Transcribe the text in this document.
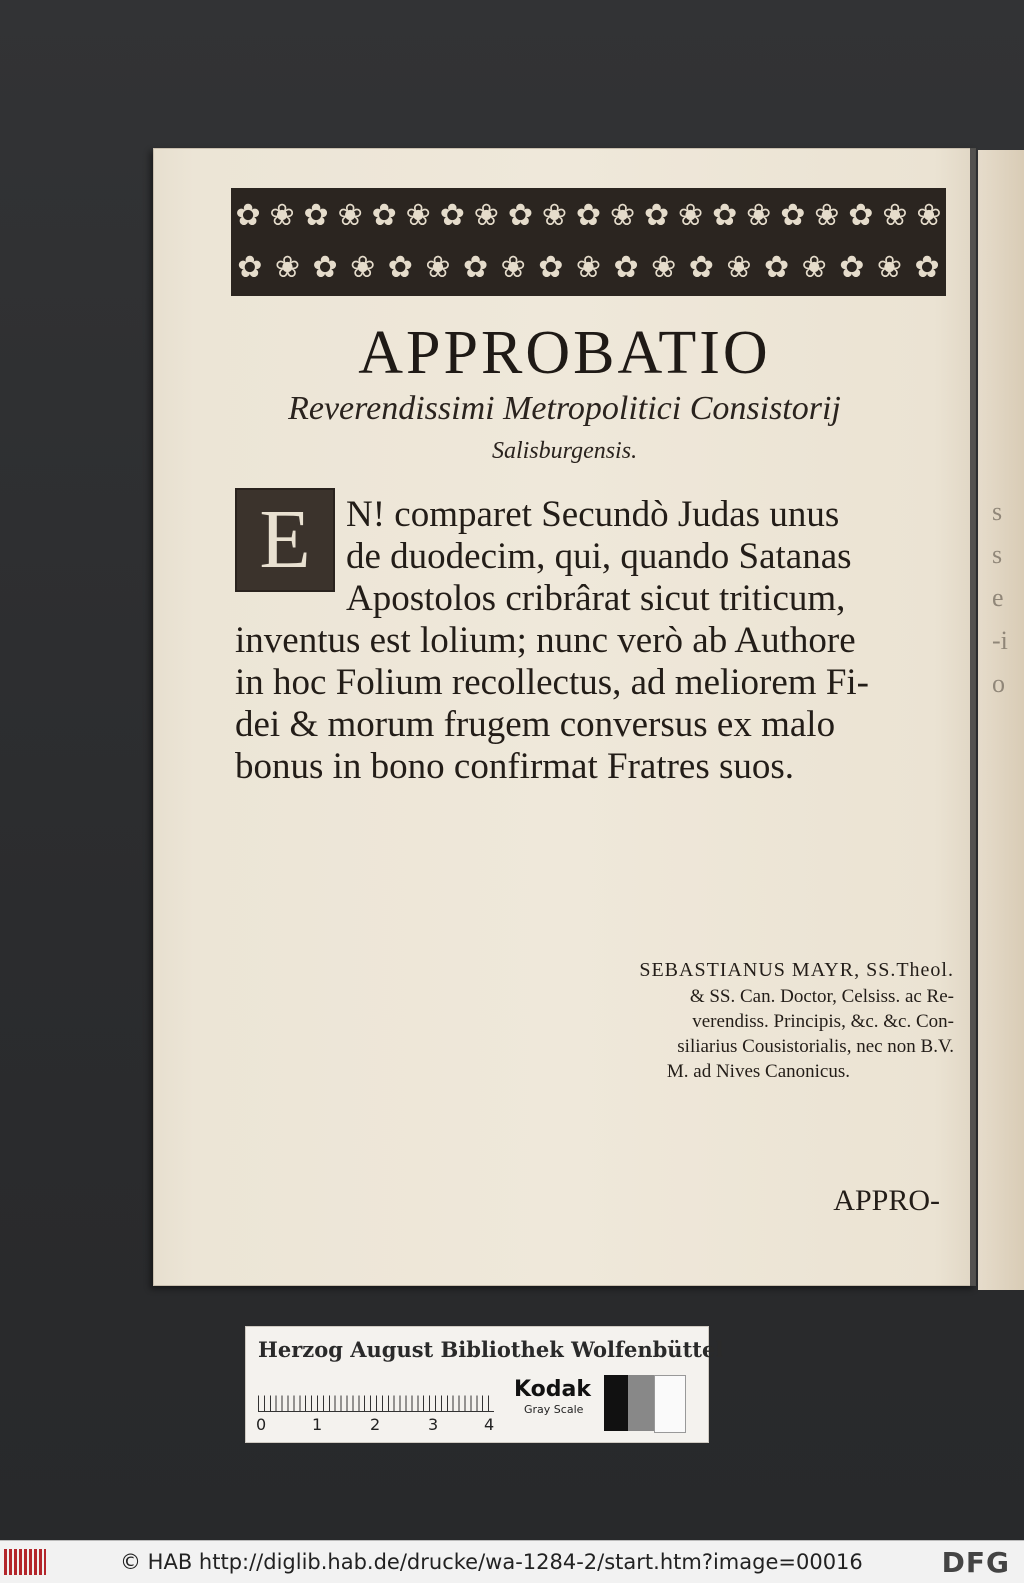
s
s
e
-i
o
✿ ❀ ✿ ❀ ✿ ❀ ✿ ❀ ✿ ❀ ✿ ❀ ✿ ❀ ✿ ❀ ✿ ❀ ✿ ❀ ❀
✿ ❀ ✿ ❀ ✿ ❀ ✿ ❀ ✿ ❀ ✿ ❀ ✿ ❀ ✿ ❀ ✿ ❀ ✿
APPROBATIO
Reverendissimi Metropolitici Consistorij
Salisburgensis.
E N! comparet Secundò Judas unus
de duodecim, qui, quando Satanas
Apostolos cribrârat sicut triticum,
inventus est lolium; nunc verò ab Authore
in hoc Folium recollectus, ad meliorem Fi-
dei & morum frugem conversus ex malo
bonus in bono confirmat Fratres suos.
SEBASTIANUS MAYR, SS.Theol.
& SS. Can. Doctor, Celsiss. ac Re-
verendiss. Principis, &c. &c. Con-
siliarius Cousistorialis, nec non B.V.
M. ad Nives Canonicus.
APPRO-
Herzog August Bibliothek Wolfenbüttel
0	1	2	3	4
Kodak
Gray Scale
© HAB http://diglib.hab.de/drucke/wa-1284-2/start.htm?image=00016	DFG
